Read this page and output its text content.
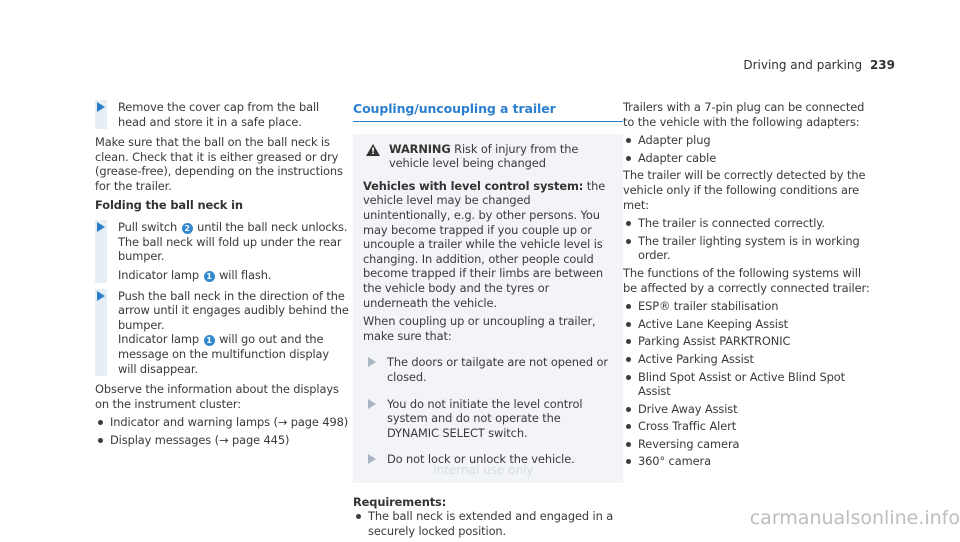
Driving and parking 239
Remove the cover cap from the ball head and store it in a safe place.
Make sure that the ball on the ball neck is clean. Check that it is either greased or dry (grease-free), depending on the instructions for the trailer.
Folding the ball neck in
Pull switch 2 until the ball neck unlocks. The ball neck will fold up under the rear bumper.
Indicator lamp 1 will flash.
Push the ball neck in the direction of the arrow until it engages audibly behind the bumper.
Indicator lamp 1 will go out and the message on the multifunction display will disappear.
Observe the information about the displays on the instrument cluster:
Indicator and warning lamps (→ page 498)
Display messages (→ page 445)
Coupling/uncoupling a trailer
!
WARNING Risk of injury from the vehicle level being changed
Vehicles with level control system: the vehicle level may be changed unintentionally, e.g. by other persons. You may become trapped if you couple up or uncouple a trailer while the vehicle level is changing. In addition, other people could become trapped if their limbs are between the vehicle body and the tyres or underneath the vehicle.
When coupling up or uncoupling a trailer, make sure that:
The doors or tailgate are not opened or closed.
You do not initiate the level control system and do not operate the DYNAMIC SELECT switch.
Do not lock or unlock the vehicle.
Requirements:
The ball neck is extended and engaged in a securely locked position.
Trailers with a 7-pin plug can be connected to the vehicle with the following adapters:
Adapter plug
Adapter cable
The trailer will be correctly detected by the vehicle only if the following conditions are met:
The trailer is connected correctly.
The trailer lighting system is in working order.
The functions of the following systems will be affected by a correctly connected trailer:
ESP® trailer stabilisation
Active Lane Keeping Assist
Parking Assist PARKTRONIC
Active Parking Assist
Blind Spot Assist or Active Blind Spot Assist
Drive Away Assist
Cross Traffic Alert
Reversing camera
360° camera
Internal use only
carmanualsonline.info
